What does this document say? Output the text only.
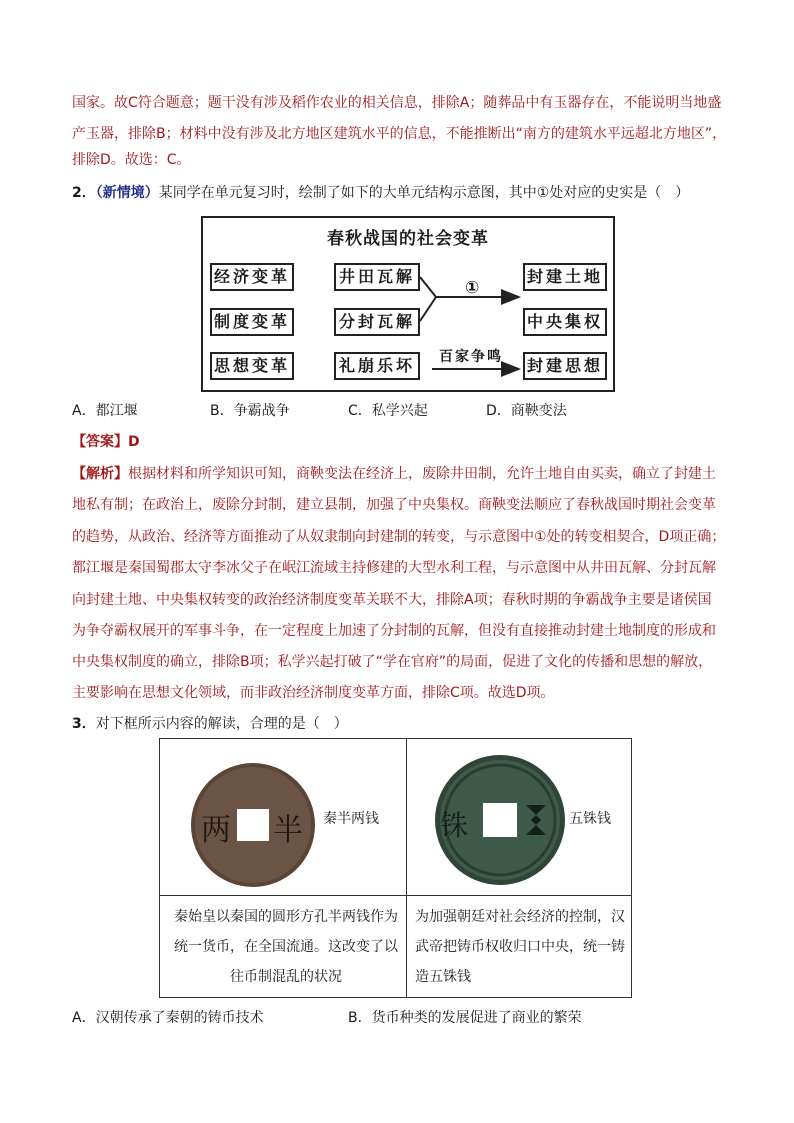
国家。故C符合题意；题干没有涉及稻作农业的相关信息，排除A；随葬品中有玉器存在，不能说明当地盛
产玉器，排除B；材料中没有涉及北方地区建筑水平的信息，不能推断出“南方的建筑水平远超北方地区”，
排除D。故选：C。
2．（新情境）某同学在单元复习时，绘制了如下的大单元结构示意图，其中①处对应的史实是（　）
春秋战国的社会变革
经济变革
制度变革
思想变革
井田瓦解
分封瓦解
礼崩乐坏
封建土地
中央集权
封建思想
①
百家争鸣
A．都江堰	B．争霸战争	C．私学兴起	D．商鞅变法
【答案】D
【解析】根据材料和所学知识可知，商鞅变法在经济上，废除井田制，允许土地自由买卖，确立了封建土
地私有制；在政治上，废除分封制，建立县制，加强了中央集权。商鞅变法顺应了春秋战国时期社会变革
的趋势，从政治、经济等方面推动了从奴隶制向封建制的转变，与示意图中①处的转变相契合，D项正确；
都江堰是秦国蜀郡太守李冰父子在岷江流域主持修建的大型水利工程，与示意图中从井田瓦解、分封瓦解
向封建土地、中央集权转变的政治经济制度变革关联不大，排除A项；春秋时期的争霸战争主要是诸侯国
为争夺霸权展开的军事斗争，在一定程度上加速了分封制的瓦解，但没有直接推动封建土地制度的形成和
中央集权制度的确立，排除B项；私学兴起打破了“学在官府”的局面，促进了文化的传播和思想的解放，
主要影响在思想文化领域，而非政治经济制度变革方面，排除C项。故选D项。
3．对下框所示内容的解读，合理的是（　）
两 半 秦半两钱 铢	五铢钱
秦始皇以秦国的圆形方孔半两钱作为
统一货币，在全国流通。这改变了以
往币制混乱的状况
为加强朝廷对社会经济的控制，汉
武帝把铸币权收归口中央，统一铸
造五铢钱
A．汉朝传承了秦朝的铸币技术	B．货币种类的发展促进了商业的繁荣
